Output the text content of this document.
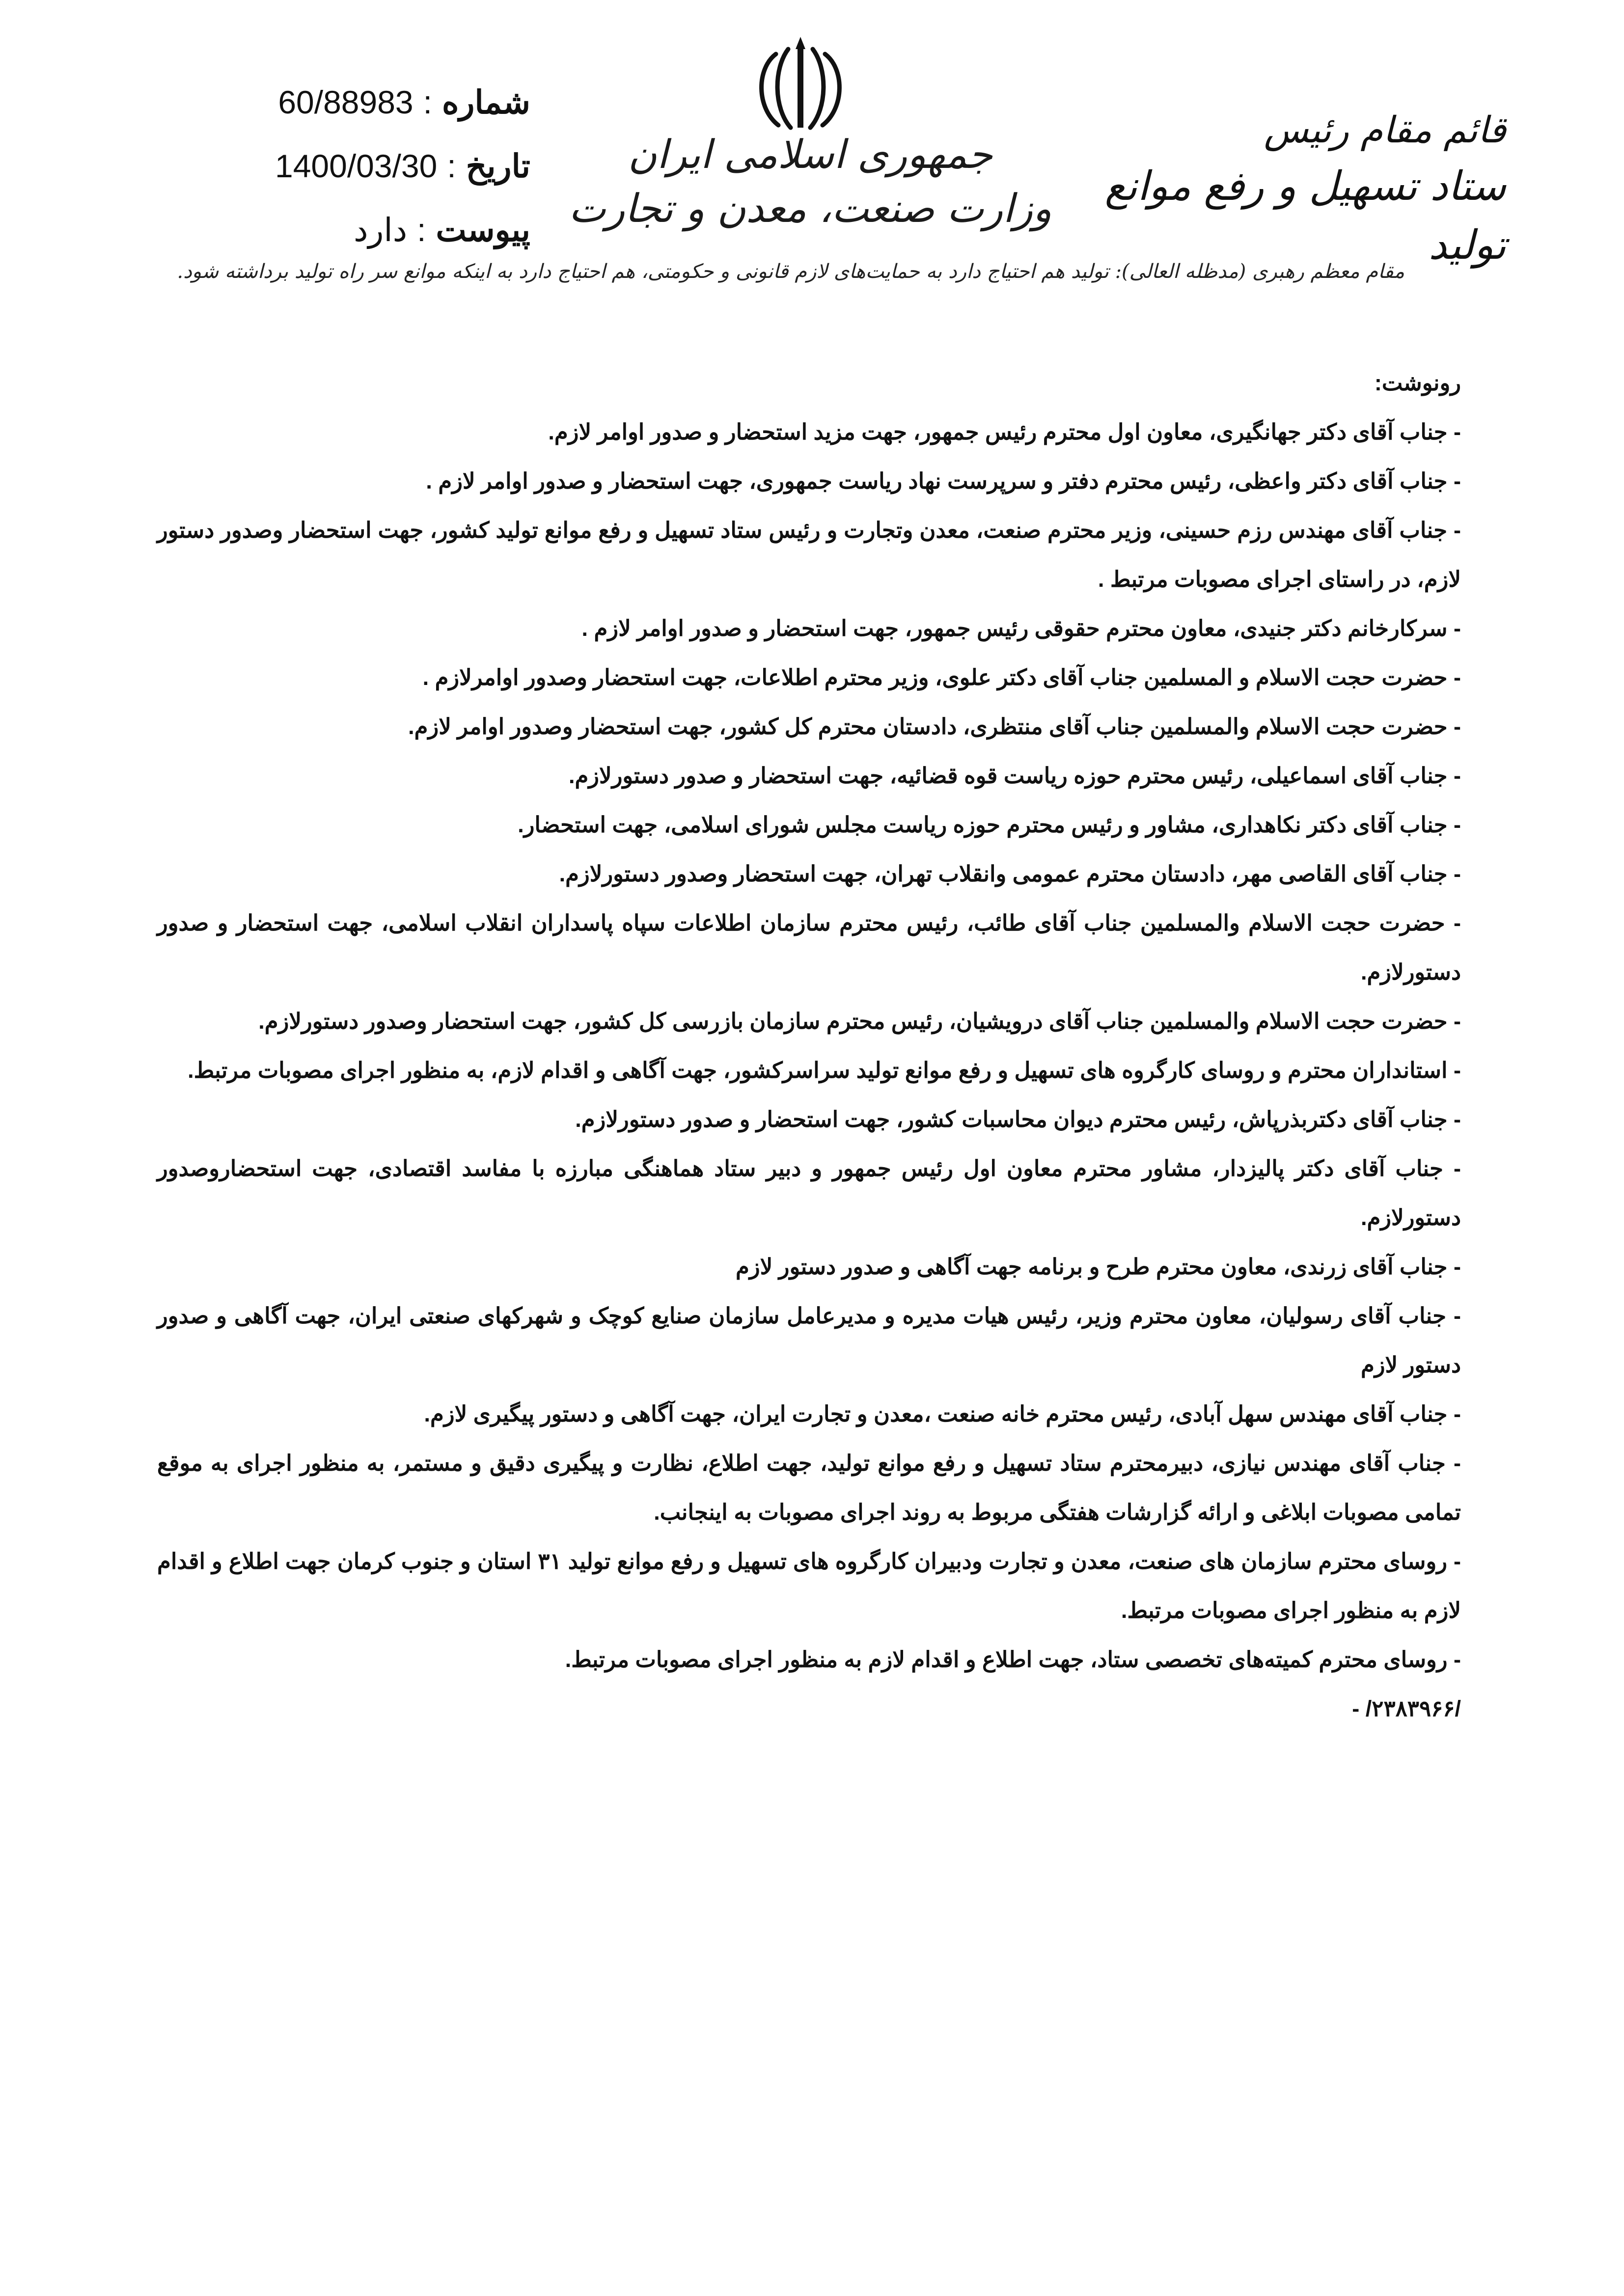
جمهوری اسلامی ایران
وزارت صنعت، معدن و تجارت
قائم مقام رئیس
ستاد تسهیل و رفع موانع تولید
شماره
:
60/88983
تاریخ
:
1400/03/30
پیوست
:
دارد
مقام معظم رهبری (مدظله العالی): تولید هم احتیاج دارد به حمایت‌های لازم قانونی و حکومتی، هم احتیاج دارد به اینکه موانع سر راه تولید برداشته شود.

رونوشت:

- جناب آقای دکتر جهانگیری، معاون اول محترم رئیس جمهور، جهت مزید استحضار و صدور اوامر لازم.

- جناب آقای دکتر واعظی، رئیس محترم دفتر و سرپرست نهاد ریاست جمهوری، جهت استحضار و صدور اوامر لازم .

- جناب آقای مهندس رزم حسینی، وزیر محترم صنعت، معدن وتجارت و رئیس ستاد تسهیل و رفع موانع تولید کشور، جهت استحضار وصدور دستور لازم، در راستای اجرای مصوبات مرتبط .

- سرکارخانم دکتر جنیدی، معاون محترم حقوقی رئیس جمهور، جهت استحضار و صدور اوامر لازم .

- حضرت حجت الاسلام و المسلمین جناب آقای دکتر علوی، وزیر محترم اطلاعات، جهت استحضار وصدور اوامرلازم .

- حضرت حجت الاسلام والمسلمین جناب آقای منتظری، دادستان محترم کل کشور، جهت استحضار وصدور اوامر لازم.

- جناب آقای اسماعیلی، رئیس محترم حوزه ریاست قوه قضائیه، جهت استحضار و صدور دستورلازم.

- جناب آقای دکتر نکاهداری، مشاور و رئیس محترم حوزه ریاست مجلس شورای اسلامی، جهت استحضار.

- جناب آقای القاصی مهر، دادستان محترم عمومی وانقلاب تهران، جهت استحضار وصدور دستورلازم.

- حضرت حجت الاسلام والمسلمین جناب آقای طائب، رئیس محترم سازمان اطلاعات سپاه پاسداران انقلاب اسلامی، جهت استحضار و صدور دستورلازم.

- حضرت حجت الاسلام والمسلمین جناب آقای درویشیان، رئیس محترم سازمان بازرسی کل کشور، جهت استحضار وصدور دستورلازم.

- استانداران محترم و روسای کارگروه های تسهیل و رفع موانع تولید سراسرکشور، جهت آگاهی و اقدام لازم، به منظور اجرای مصوبات مرتبط.

- جناب آقای دکتربذرپاش، رئیس محترم دیوان محاسبات کشور، جهت استحضار و صدور دستورلازم.

- جناب آقای دکتر پالیزدار، مشاور محترم معاون اول رئیس جمهور و دبیر ستاد هماهنگی مبارزه با مفاسد اقتصادی، جهت استحضاروصدور دستورلازم.

- جناب آقای زرندی، معاون محترم طرح و برنامه جهت آگاهی و صدور دستور لازم

- جناب آقای رسولیان، معاون محترم وزیر، رئیس هیات مدیره و مدیرعامل سازمان صنایع کوچک و شهرکهای صنعتی ایران، جهت آگاهی و صدور دستور لازم

- جناب آقای مهندس سهل آبادی، رئیس محترم خانه صنعت ،معدن و تجارت ایران، جهت آگاهی و دستور پیگیری لازم.

- جناب آقای مهندس نیازی، دبیرمحترم ستاد تسهیل و رفع موانع تولید، جهت اطلاع، نظارت و پیگیری دقیق و مستمر، به منظور اجرای به موقع تمامی مصوبات ابلاغی و ارائه گزارشات هفتگی مربوط به روند اجرای مصوبات به اینجانب.

- روسای محترم سازمان های صنعت، معدن و تجارت ودبیران کارگروه های تسهیل و رفع موانع تولید ۳۱ استان و جنوب کرمان جهت اطلاع و اقدام لازم به منظور اجرای مصوبات مرتبط.

- روسای محترم کمیته‌های تخصصی ستاد، جهت اطلاع و اقدام لازم به منظور اجرای مصوبات مرتبط.

/۲۳۸۳۹۶۶/ -
